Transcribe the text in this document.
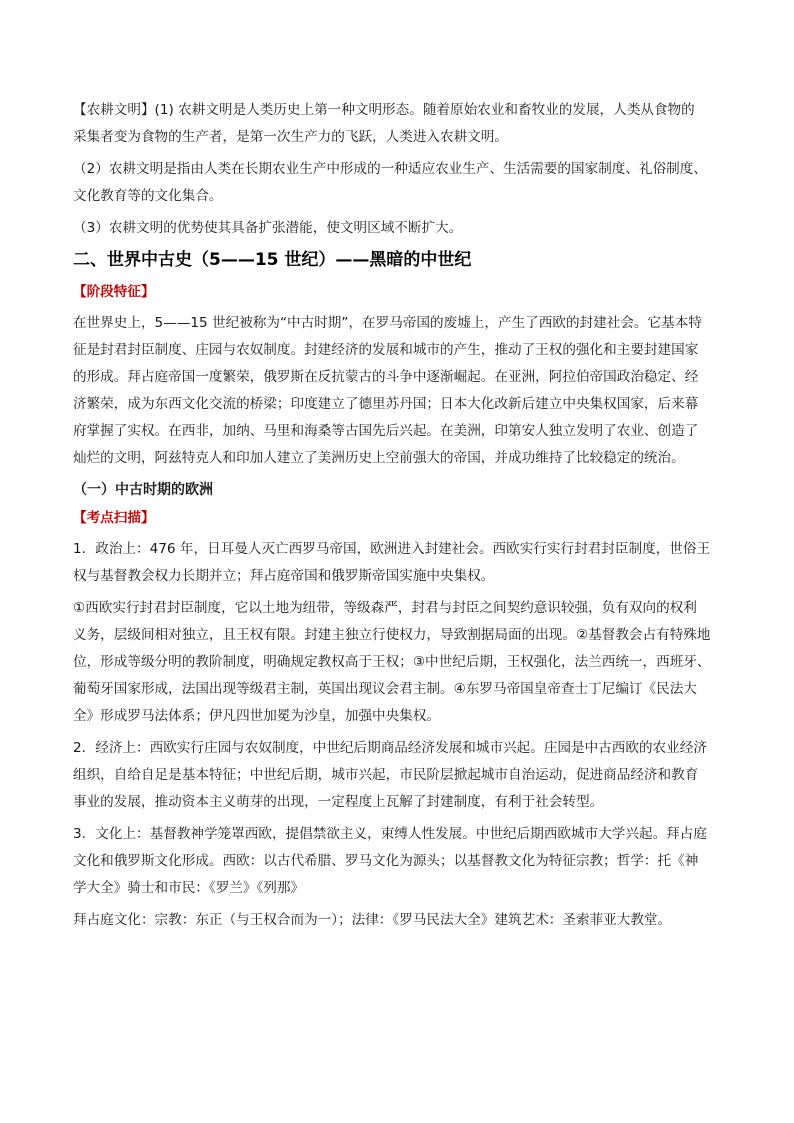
【农耕文明】(1) 农耕文明是人类历史上第一种文明形态。随着原始农业和畜牧业的发展，人类从食物的

采集者变为食物的生产者，是第一次生产力的飞跃，人类进入农耕文明。

（2）农耕文明是指由人类在长期农业生产中形成的一种适应农业生产、生活需要的国家制度、礼俗制度、

文化教育等的文化集合。

（3）农耕文明的优势使其具备扩张潜能，使文明区域不断扩大。

二、世界中古史（5——15 世纪）——黑暗的中世纪
【阶段特征】

在世界史上，5——15 世纪被称为“中古时期”，在罗马帝国的废墟上，产生了西欧的封建社会。它基本特

征是封君封臣制度、庄园与农奴制度。封建经济的发展和城市的产生，推动了王权的强化和主要封建国家

的形成。拜占庭帝国一度繁荣，俄罗斯在反抗蒙古的斗争中逐渐崛起。在亚洲，阿拉伯帝国政治稳定、经

济繁荣，成为东西文化交流的桥梁；印度建立了德里苏丹国；日本大化改新后建立中央集权国家，后来幕

府掌握了实权。在西非，加纳、马里和海桑等古国先后兴起。在美洲，印第安人独立发明了农业、创造了

灿烂的文明，阿兹特克人和印加人建立了美洲历史上空前强大的帝国，并成功维持了比较稳定的统治。

（一）中古时期的欧洲
【考点扫描】

1．政治上：476 年，日耳曼人灭亡西罗马帝国，欧洲进入封建社会。西欧实行实行封君封臣制度，世俗王

权与基督教会权力长期并立；拜占庭帝国和俄罗斯帝国实施中央集权。

①西欧实行封君封臣制度，它以土地为纽带，等级森严，封君与封臣之间契约意识较强，负有双向的权利

义务，层级间相对独立，且王权有限。封建主独立行使权力，导致割据局面的出现。②基督教会占有特殊地

位，形成等级分明的教阶制度，明确规定教权高于王权；③中世纪后期，王权强化，法兰西统一，西班牙、

葡萄牙国家形成，法国出现等级君主制，英国出现议会君主制。④东罗马帝国皇帝查士丁尼编订《民法大

全》形成罗马法体系；伊凡四世加冕为沙皇，加强中央集权。

2．经济上：西欧实行庄园与农奴制度，中世纪后期商品经济发展和城市兴起。庄园是中古西欧的农业经济

组织，自给自足是基本特征；中世纪后期，城市兴起，市民阶层掀起城市自治运动，促进商品经济和教育

事业的发展，推动资本主义萌芽的出现，一定程度上瓦解了封建制度，有利于社会转型。

3．文化上：基督教神学笼罩西欧，提倡禁欲主义，束缚人性发展。中世纪后期西欧城市大学兴起。拜占庭

文化和俄罗斯文化形成。西欧：以古代希腊、罗马文化为源头；以基督教文化为特征宗教；哲学：托《神

学大全》骑士和市民：《罗兰》《列那》

拜占庭文化：宗教：东正（与王权合而为一）；法律：《罗马民法大全》建筑艺术：圣索菲亚大教堂。
